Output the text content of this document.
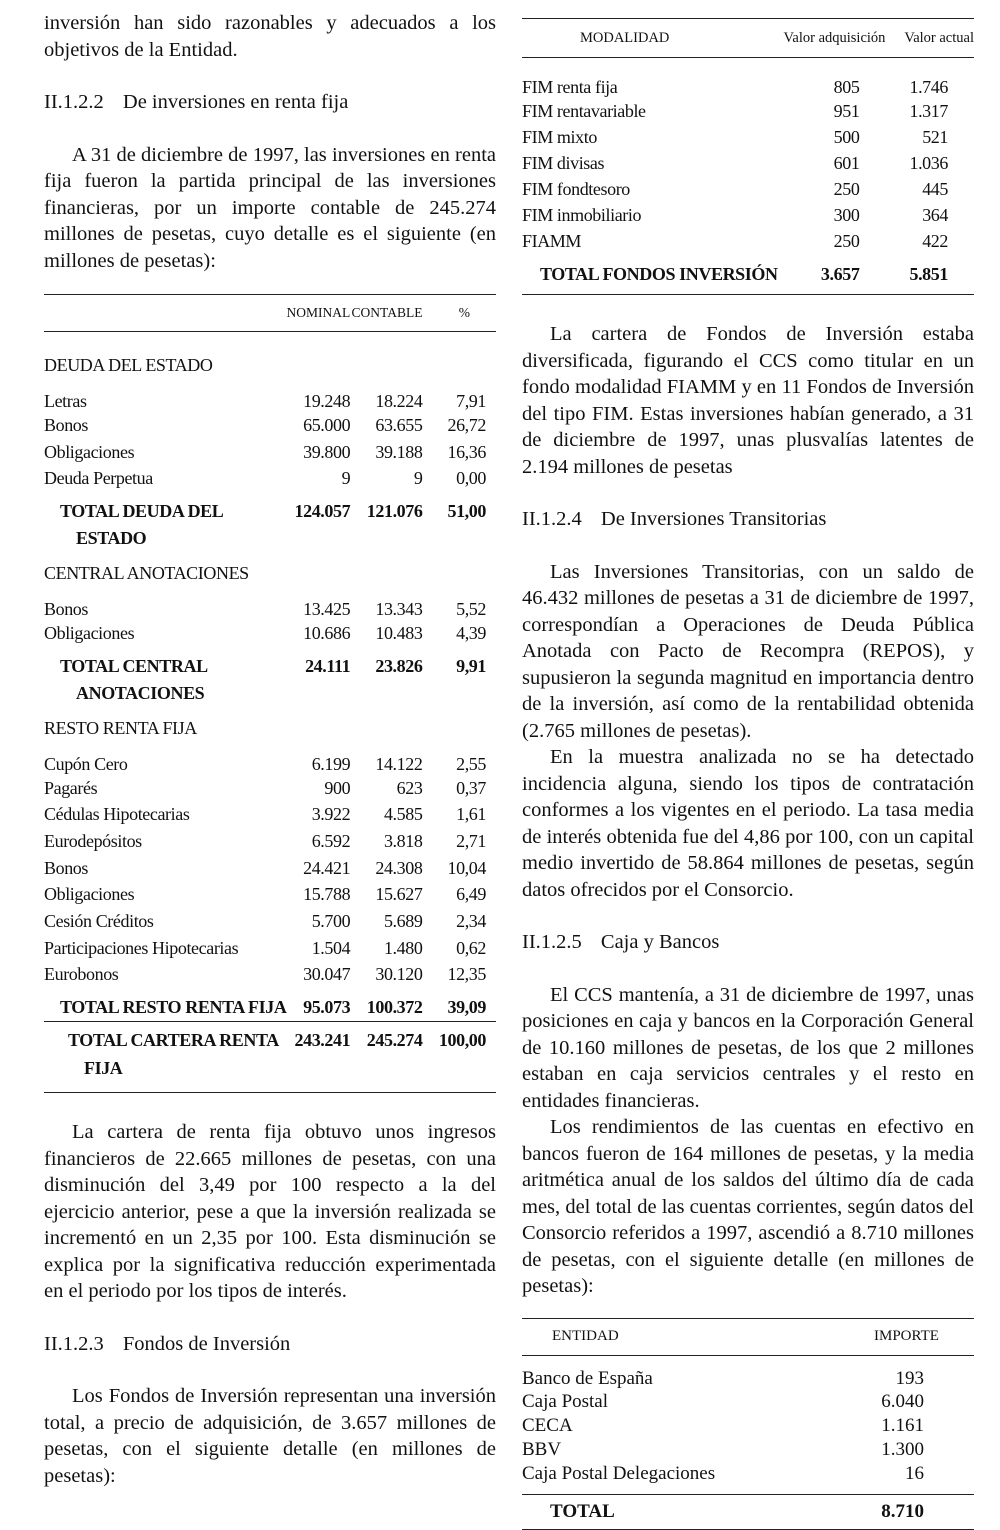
inversión han sido razonables y adecuados a los objetivos de la Entidad.

II.1.2.2 De inversiones en renta fija

A 31 de diciembre de 1997, las inversiones en renta fija fueron la partida principal de las inversiones financieras, por un importe contable de 245.274 millones de pesetas, cuyo detalle es el siguiente (en millones de pesetas):

	NOMINAL	CONTABLE	%
DEUDA DEL ESTADO			
Letras	19.248	18.224	7,91
Bonos	65.000	63.655	26,72
Obligaciones	39.800	39.188	16,36
Deuda Perpetua	9	9	0,00

TOTAL DEUDA DEL
ESTADO	124.057	121.076	51,00
CENTRAL ANOTACIONES			
Bonos	13.425	13.343	5,52
Obligaciones	10.686	10.483	4,39

TOTAL CENTRAL
ANOTACIONES	24.111	23.826	9,91
RESTO RENTA FIJA			
Cupón Cero	6.199	14.122	2,55
Pagarés	900	623	0,37
Cédulas Hipotecarias	3.922	4.585	1,61
Eurodepósitos	6.592	3.818	2,71
Bonos	24.421	24.308	10,04
Obligaciones	15.788	15.627	6,49
Cesión Créditos	5.700	5.689	2,34
Participaciones Hipotecarias	1.504	1.480	0,62
Eurobonos	30.047	30.120	12,35

TOTAL RESTO RENTA FIJA	95.073	100.372	39,09

TOTAL CARTERA RENTA
FIJA	243.241	245.274	100,00

La cartera de renta fija obtuvo unos ingresos financieros de 22.665 millones de pesetas, con una disminución del 3,49 por 100 respecto a la del ejercicio anterior, pese a que la inversión realizada se incrementó en un 2,35 por 100. Esta disminución se explica por la significativa reducción experimentada en el periodo por los tipos de interés.

II.1.2.3 Fondos de Inversión

Los Fondos de Inversión representan una inversión total, a precio de adquisición, de 3.657 millones de pesetas, con el siguiente detalle (en millones de pesetas):

MODALIDAD	Valor adquisición	Valor actual
FIM renta fija	805	1.746
FIM rentavariable	951	1.317
FIM mixto	500	521
FIM divisas	601	1.036
FIM fondtesoro	250	445
FIM inmobiliario	300	364
FIAMM	250	422
TOTAL FONDOS INVERSIÓN	3.657	5.851

La cartera de Fondos de Inversión estaba diversificada, figurando el CCS como titular en un fondo modalidad FIAMM y en 11 Fondos de Inversión del tipo FIM. Estas inversiones habían generado, a 31 de diciembre de 1997, unas plusvalías latentes de 2.194 millones de pesetas

II.1.2.4 De Inversiones Transitorias

Las Inversiones Transitorias, con un saldo de 46.432 millones de pesetas a 31 de diciembre de 1997, correspondían a Operaciones de Deuda Pública Anotada con Pacto de Recompra (REPOS), y supusieron la segunda magnitud en importancia dentro de la inversión, así como de la rentabilidad obtenida (2.765 millones de pesetas).

En la muestra analizada no se ha detectado incidencia alguna, siendo los tipos de contratación conformes a los vigentes en el periodo. La tasa media de interés obtenida fue del 4,86 por 100, con un capital medio invertido de 58.864 millones de pesetas, según datos ofrecidos por el Consorcio.

II.1.2.5 Caja y Bancos

El CCS mantenía, a 31 de diciembre de 1997, unas posiciones en caja y bancos en la Corporación General de 10.160 millones de pesetas, de los que 2 millones estaban en caja servicios centrales y el resto en entidades financieras.

Los rendimientos de las cuentas en efectivo en bancos fueron de 164 millones de pesetas, y la media aritmética anual de los saldos del último día de cada mes, del total de las cuentas corrientes, según datos del Consorcio referidos a 1997, ascendió a 8.710 millones de pesetas, con el siguiente detalle (en millones de pesetas):

ENTIDAD	IMPORTE
Banco de España	193
Caja Postal	6.040
CECA	1.161
BBV	1.300
Caja Postal Delegaciones	16

TOTAL	8.710
